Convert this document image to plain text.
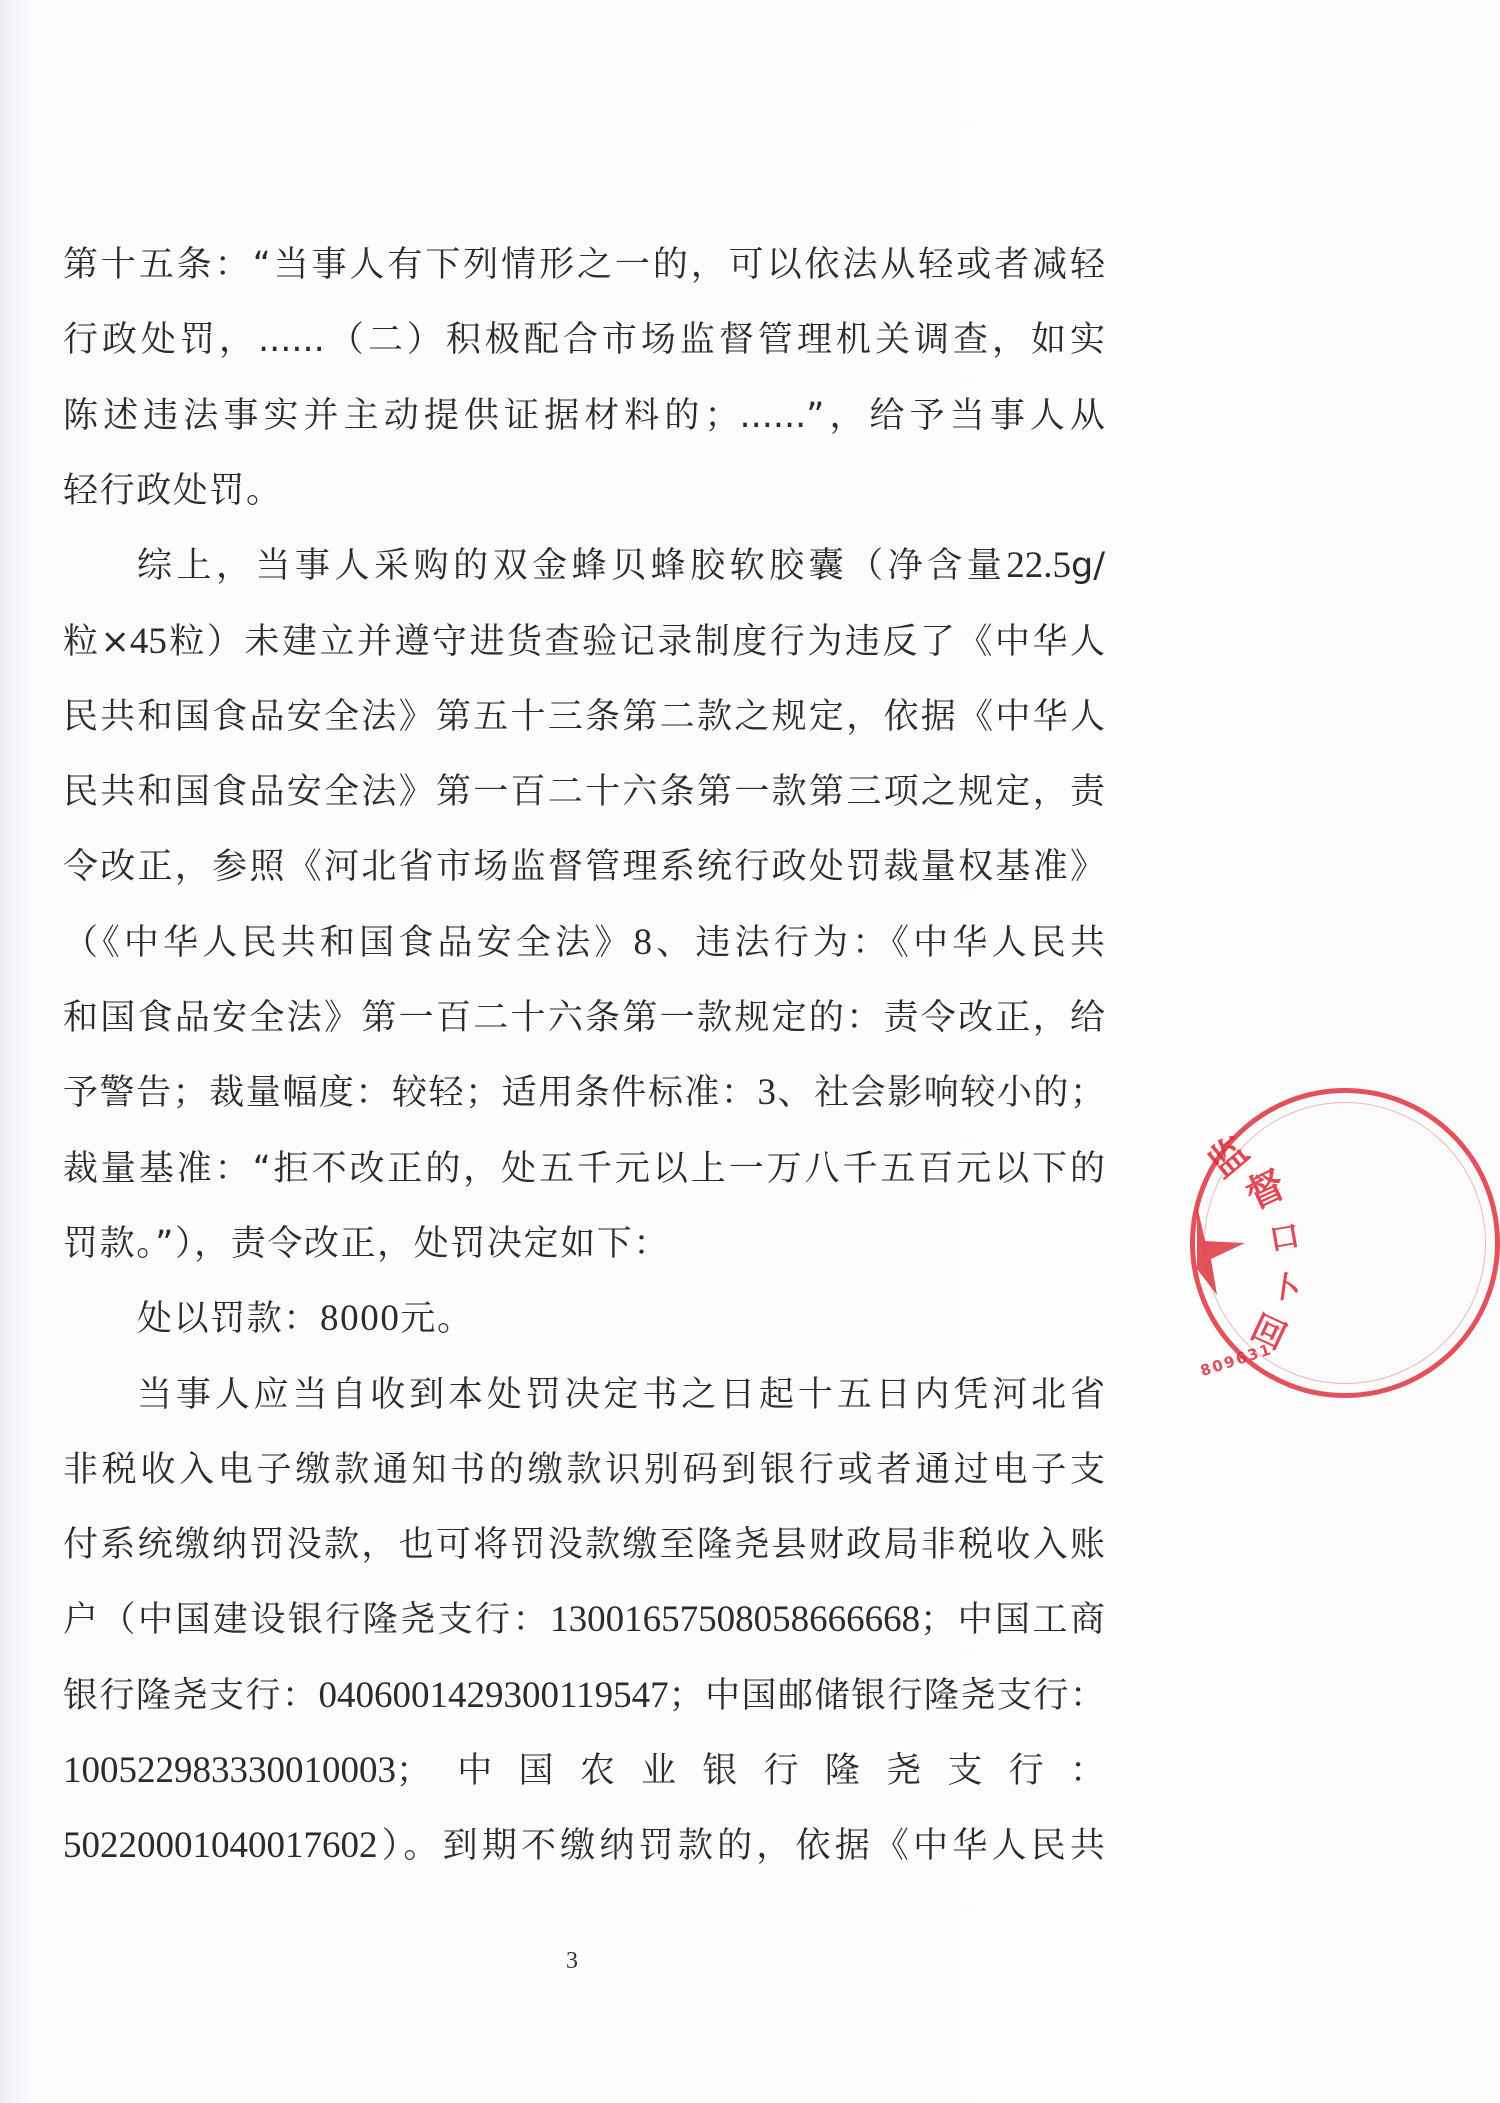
第十五条：“当事人有下列情形之一的，可以依法从轻或者减轻
行政处罚，......（二）积极配合市场监督管理机关调查，如实
陈述违法事实并主动提供证据材料的；......”，给予当事人从
轻行政处罚。
综上，当事人采购的双金蜂贝蜂胶软胶囊（净含量22.5g/
粒×45粒）未建立并遵守进货查验记录制度行为违反了《中华人
民共和国食品安全法》第五十三条第二款之规定，依据《中华人
民共和国食品安全法》第一百二十六条第一款第三项之规定，责
令改正，参照《河北省市场监督管理系统行政处罚裁量权基准》
（《中华人民共和国食品安全法》8、违法行为：《中华人民共
和国食品安全法》第一百二十六条第一款规定的：责令改正，给
予警告；裁量幅度：较轻；适用条件标准：3、社会影响较小的；
裁量基准：“拒不改正的，处五千元以上一万八千五百元以下的
罚款。”），责令改正，处罚决定如下：
处以罚款：8000元。
当事人应当自收到本处罚决定书之日起十五日内凭河北省
非税收入电子缴款通知书的缴款识别码到银行或者通过电子支
付系统缴纳罚没款，也可将罚没款缴至隆尧县财政局非税收入账
户（中国建设银行隆尧支行：13001657508058666668；中国工商
银行隆尧支行：0406001429300119547；中国邮储银行隆尧支行：
100522983330010003；中国农业银行隆尧支行：
50220001040017602）。到期不缴纳罚款的，依据《中华人民共
3
监
督
口
卜
回
809631
